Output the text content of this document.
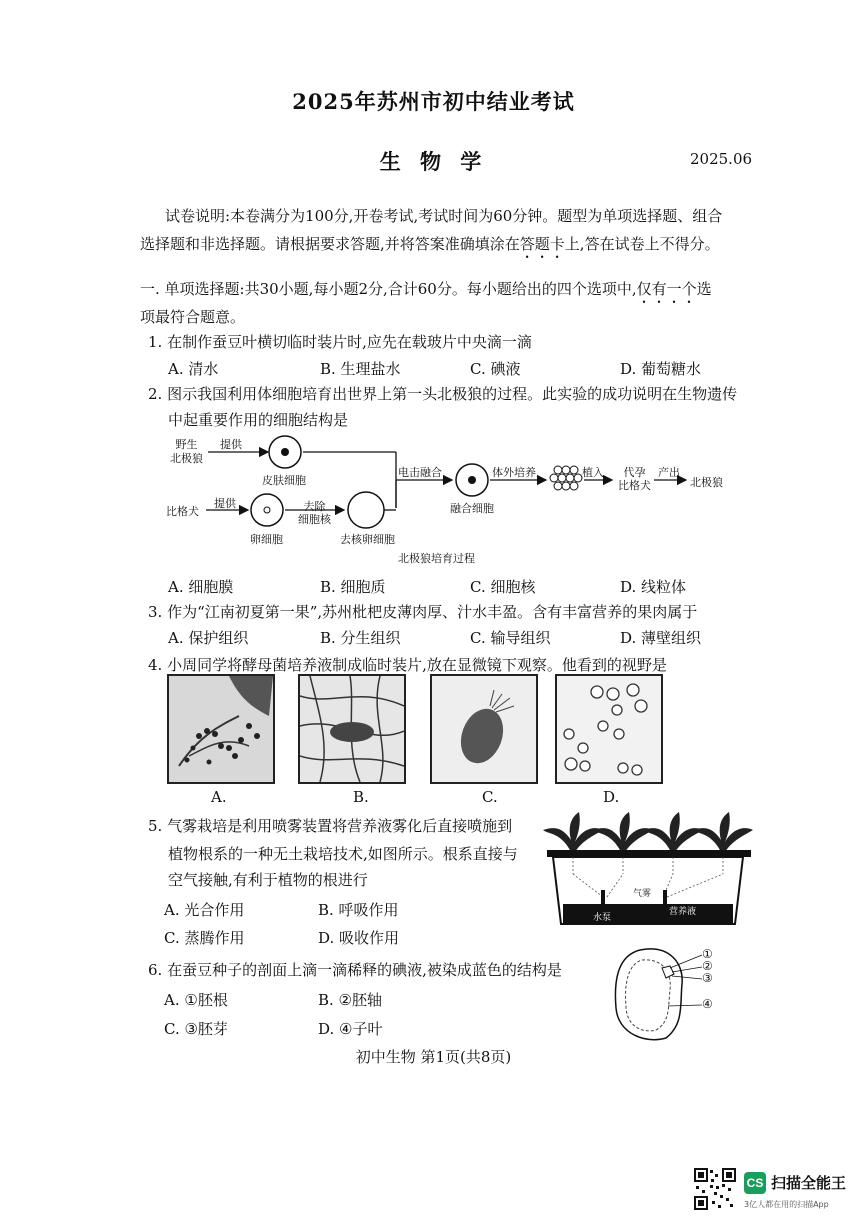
2025年苏州市初中结业考试
生 物 学	2025.06
试卷说明:本卷满分为100分,开卷考试,考试时间为60分钟。题型为单项选择题、组合
选择题和非选择题。请根据要求答题,并将答案准确填涂在答题卡上,答在试卷上不得分。
一. 单项选择题:共30小题,每小题2分,合计60分。每小题给出的四个选项中,仅有一个选
项最符合题意。
1. 在制作蚕豆叶横切临时装片时,应先在载玻片中央滴一滴
A. 清水	B. 生理盐水	C. 碘液	D. 葡萄糖水
2. 图示我国利用体细胞培育出世界上第一头北极狼的过程。此实验的成功说明在生物遗传
中起重要作用的细胞结构是
野生
北极狼
提供
皮肤细胞
比格犬
提供
卵细胞
去除
细胞核
去核卵细胞
电击融合
融合细胞
体外培养	植入	代孕
比格犬
产出
北极狼
北极狼培育过程
A. 细胞膜	B. 细胞质	C. 细胞核	D. 线粒体
3. 作为“江南初夏第一果”,苏州枇杷皮薄肉厚、汁水丰盈。含有丰富营养的果肉属于
A. 保护组织	B. 分生组织	C. 输导组织	D. 薄壁组织
4. 小周同学将酵母菌培养液制成临时装片,放在显微镜下观察。他看到的视野是
A.	B.	C.	D.
5. 气雾栽培是利用喷雾装置将营养液雾化后直接喷施到
植物根系的一种无土栽培技术,如图所示。根系直接与
空气接触,有利于植物的根进行
A. 光合作用	B. 呼吸作用
C. 蒸腾作用	D. 吸收作用
气雾
水泵
营养液
6. 在蚕豆种子的剖面上滴一滴稀释的碘液,被染成蓝色的结构是
A. ①胚根	B. ②胚轴
C. ③胚芽	D. ④子叶
①
②
③
④
初中生物 第1页(共8页)
CS 扫描全能王
3亿人都在用的扫描App
